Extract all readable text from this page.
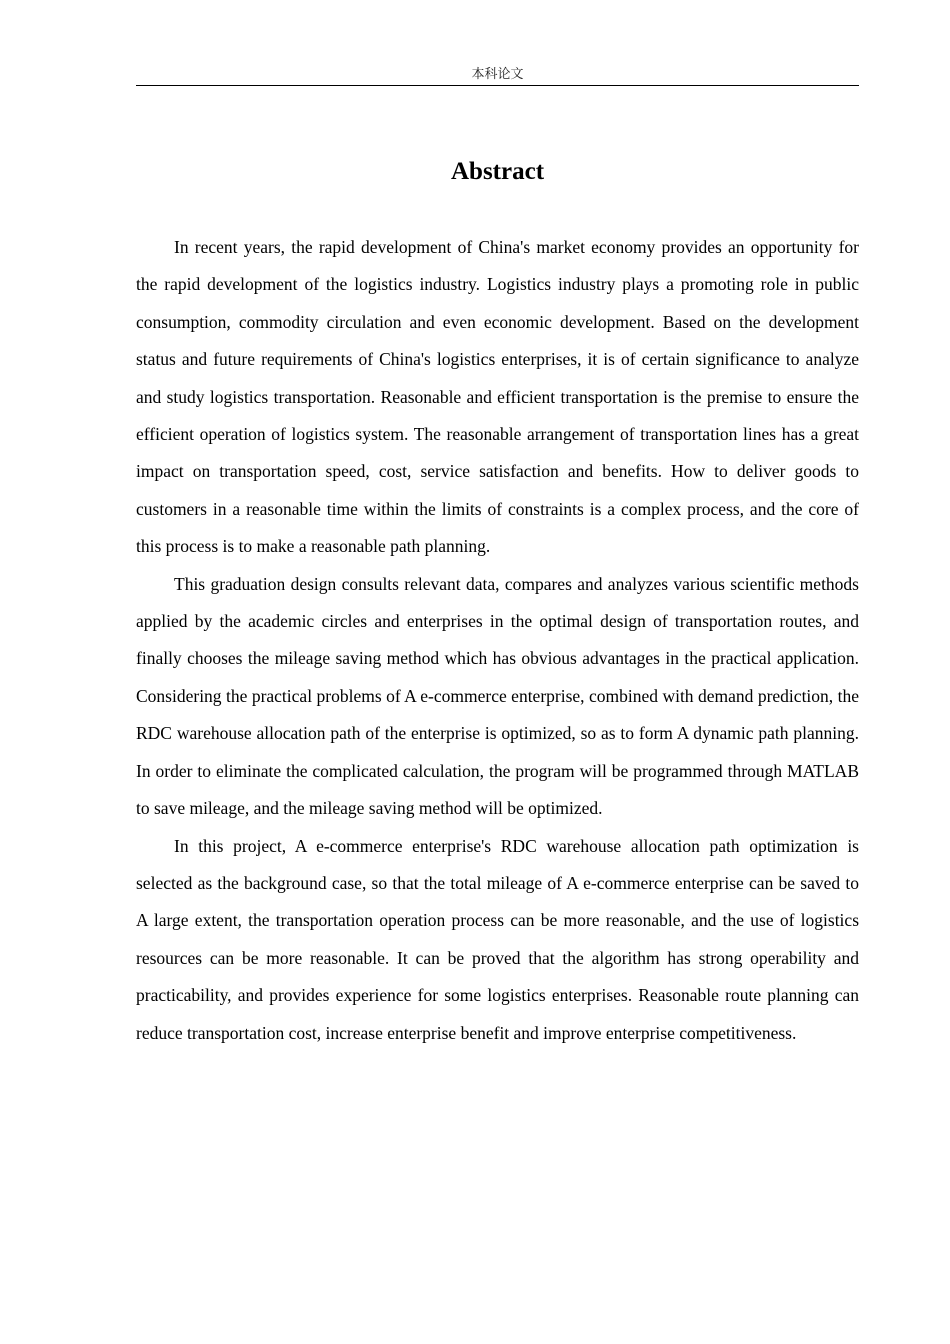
本科论文
Abstract

In recent years, the rapid development of China's market economy provides an opportunity for the rapid development of the logistics industry. Logistics industry plays a promoting role in public consumption, commodity circulation and even economic development. Based on the development status and future requirements of China's logistics enterprises, it is of certain significance to analyze and study logistics transportation. Reasonable and efficient transportation is the premise to ensure the efficient operation of logistics system. The reasonable arrangement of transportation lines has a great impact on transportation speed, cost, service satisfaction and benefits. How to deliver goods to customers in a reasonable time within the limits of constraints is a complex process, and the core of this process is to make a reasonable path planning.

This graduation design consults relevant data, compares and analyzes various scientific methods applied by the academic circles and enterprises in the optimal design of transportation routes, and finally chooses the mileage saving method which has obvious advantages in the practical application. Considering the practical problems of A e-commerce enterprise, combined with demand prediction, the RDC warehouse allocation path of the enterprise is optimized, so as to form A dynamic path planning. In order to eliminate the complicated calculation, the program will be programmed through MATLAB to save mileage, and the mileage saving method will be optimized.

In this project, A e-commerce enterprise's RDC warehouse allocation path optimization is selected as the background case, so that the total mileage of A e-commerce enterprise can be saved to A large extent, the transportation operation process can be more reasonable, and the use of logistics resources can be more reasonable. It can be proved that the algorithm has strong operability and practicability, and provides experience for some logistics enterprises. Reasonable route planning can reduce transportation cost, increase enterprise benefit and improve enterprise competitiveness.
